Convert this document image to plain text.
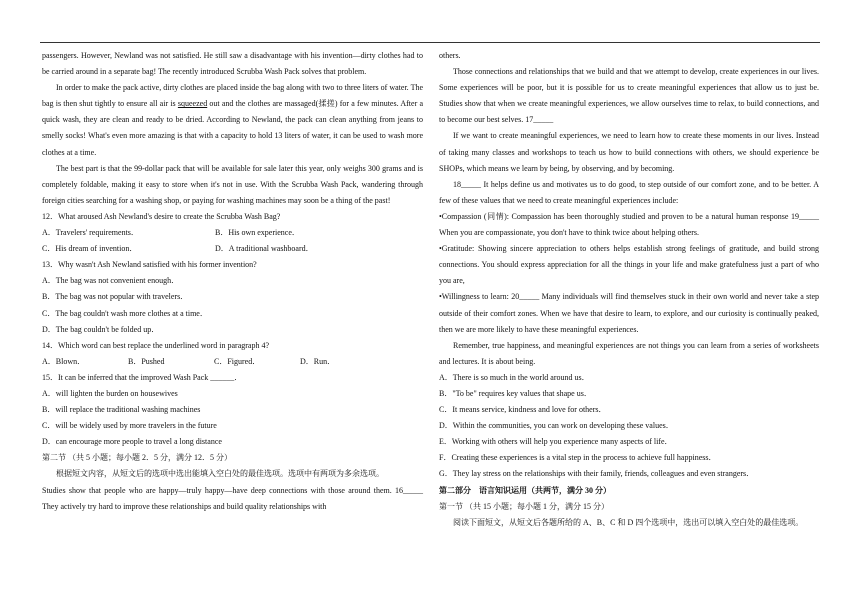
passengers. However, Newland was not satisfied. He still saw a disadvantage with his invention—dirty clothes had to be carried around in a separate bag! The recently introduced Scrubba Wash Pack solves that problem.

In order to make the pack active, dirty clothes are placed inside the bag along with two to three liters of water. The bag is then shut tightly to ensure all air is squeezed out and the clothes are massaged(揉搓) for a few minutes. After a quick wash, they are clean and ready to be dried. According to Newland, the pack can clean anything from jeans to smelly socks! What's even more amazing is that with a capacity to hold 13 liters of water, it can be used to wash more clothes at a time.

The best part is that the 99-dollar pack that will be available for sale later this year, only weighs 300 grams and is completely foldable, making it easy to store when it's not in use. With the Scrubba Wash Pack, wandering through foreign cities searching for a washing shop, or paying for washing machines may soon be a thing of the past!

12．What aroused Ash Newland's desire to create the Scrubba Wash Bag?

A．Travelers' requirements．	B．His own experience．
C．His dream of invention．	D．A traditional washboard．

13．Why wasn't Ash Newland satisfied with his former invention?

A．The bag was not convenient enough．

B．The bag was not popular with travelers．

C．The bag couldn't wash more clothes at a time．

D．The bag couldn't be folded up．

14．Which word can best replace the underlined word in paragraph 4?

A．Blown．	B．Pushed	C．Figured．	D．Run．

15．It can be inferred that the improved Wash Pack ______．

A．will lighten the burden on housewives

B．will replace the traditional washing machines

C．will be widely used by more travelers in the future

D．can encourage more people to travel a long distance

第二节 （共 5 小题；每小题 2．5 分，满分 12．5 分）

根据短文内容，从短文后的选项中选出能填入空白处的最佳选项。选项中有两项为多余选项。

Studies show that people who are happy—truly happy—have deep connections with those around them. 16_____ They actively try hard to improve these relationships and build quality relationships with

others.

Those connections and relationships that we build and that we attempt to develop, create experiences in our lives. Some experiences will be poor, but it is possible for us to create meaningful experiences that allow us to just be. Studies show that when we create meaningful experiences, we allow ourselves time to relax, to build connections, and to become our best selves. 17_____

If we want to create meaningful experiences, we need to learn how to create these moments in our lives. Instead of taking many classes and workshops to teach us how to build connections with others, we should experience be SHOPs, which means we learn by being, by observing, and by becoming.

18_____ It helps define us and motivates us to do good, to step outside of our comfort zone, and to be better. A few of these values that we need to create meaningful experiences include:

•Compassion (同情): Compassion has been thoroughly studied and proven to be a natural human response 19_____ When you are compassionate, you don't have to think twice about helping others.

•Gratitude: Showing sincere appreciation to others helps establish strong feelings of gratitude, and build strong connections. You should express appreciation for all the things in your life and make gratefulness just a part of who you are,

•Willingness to learn: 20_____ Many individuals will find themselves stuck in their own world and never take a step outside of their comfort zones. When we have that desire to learn, to explore, and our curiosity is continually peaked, then we are more likely to have these meaningful experiences.

Remember, true happiness, and meaningful experiences are not things you can learn from a series of worksheets and lectures. It is about being.

A．There is so much in the world around us．

B．"To be" requires key values that shape us．

C．It means service, kindness and love for others．

D．Within the communities, you can work on developing these values．

E．Working with others will help you experience many aspects of life．

F．Creating these experiences is a vital step in the process to achieve full happiness．

G．They lay stress on the relationships with their family, friends, colleagues and even strangers．

第二部分　语言知识运用（共两节，满分 30 分）

第一节 （共 15 小题；每小题 1 分，满分 15 分）

阅读下面短文，从短文后各题所给的 A、B、C 和 D 四个选项中，选出可以填入空白处的最佳选项。
